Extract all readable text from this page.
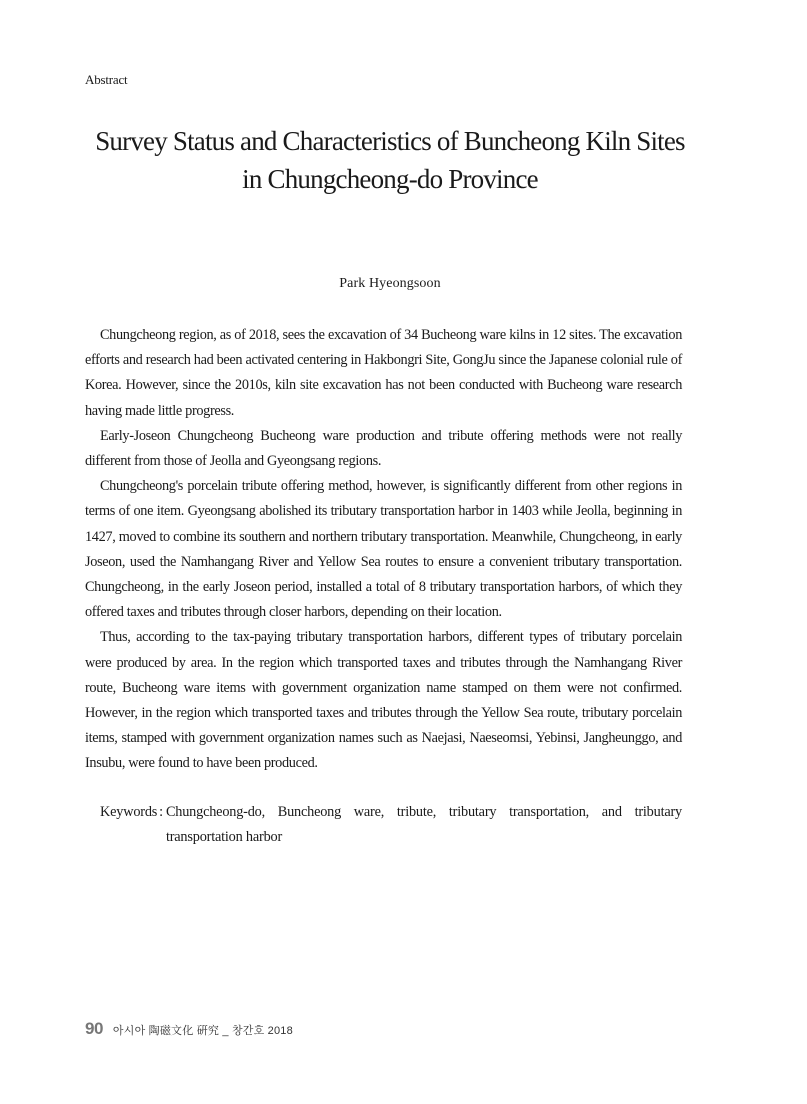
Abstract
Survey Status and Characteristics of Buncheong Kiln Sites
in Chungcheong-do Province
Park Hyeongsoon

Chungcheong region, as of 2018, sees the excavation of 34 Bucheong ware kilns in 12 sites. The excavation efforts and research had been activated centering in Hakbongri Site, GongJu since the Japanese colonial rule of Korea. However, since the 2010s, kiln site excavation has not been conducted with Bucheong ware research having made little progress.

Early-Joseon Chungcheong Bucheong ware production and tribute offering methods were not really different from those of Jeolla and Gyeongsang regions.

Chungcheong's porcelain tribute offering method, however, is significantly different from other regions in terms of one item. Gyeongsang abolished its tributary transportation harbor in 1403 while Jeolla, beginning in 1427, moved to combine its southern and northern tributary transportation. Meanwhile, Chungcheong, in early Joseon, used the Namhangang River and Yellow Sea routes to ensure a convenient tributary transportation. Chungcheong, in the early Joseon period, installed a total of 8 tributary transportation harbors, of which they offered taxes and tributes through closer harbors, depending on their location.

Thus, according to the tax-paying tributary transportation harbors, different types of tributary porcelain were produced by area. In the region which transported taxes and tributes through the Namhangang River route, Bucheong ware items with government organization name stamped on them were not confirmed. However, in the region which transported taxes and tributes through the Yellow Sea route, tributary porcelain items, stamped with government organization names such as Naejasi, Naeseomsi, Yebinsi, Jangheunggo, and Insubu, were found to have been produced.

Keywords : Chungcheong-do, Buncheong ware, tribute, tributary transportation, and tributary transportation harbor
90 아시아 陶磁文化 硏究 _ 창간호 2018
